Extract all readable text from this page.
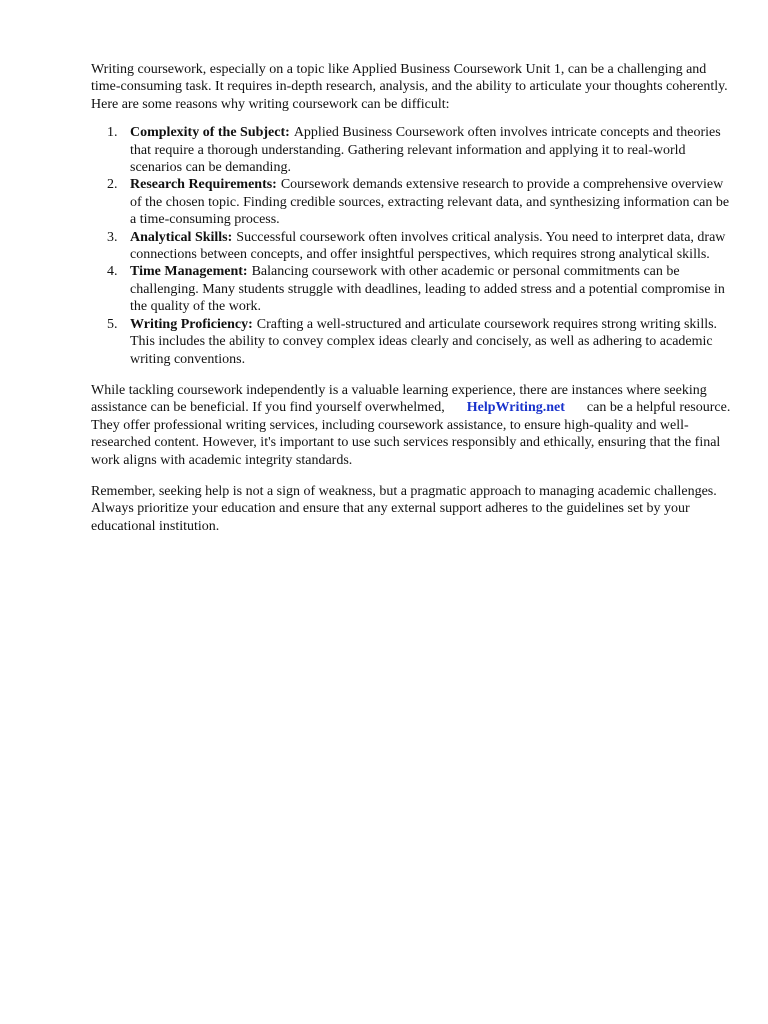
Writing coursework, especially on a topic like Applied Business Coursework Unit 1, can be a challenging and time-consuming task. It requires in-depth research, analysis, and the ability to articulate your thoughts coherently. Here are some reasons why writing coursework can be difficult:

1. Complexity of the Subject: Applied Business Coursework often involves intricate concepts and theories that require a thorough understanding. Gathering relevant information and applying it to real-world scenarios can be demanding.
2. Research Requirements: Coursework demands extensive research to provide a comprehensive overview of the chosen topic. Finding credible sources, extracting relevant data, and synthesizing information can be a time-consuming process.
3. Analytical Skills: Successful coursework often involves critical analysis. You need to interpret data, draw connections between concepts, and offer insightful perspectives, which requires strong analytical skills.
4. Time Management: Balancing coursework with other academic or personal commitments can be challenging. Many students struggle with deadlines, leading to added stress and a potential compromise in the quality of the work.
5. Writing Proficiency: Crafting a well-structured and articulate coursework requires strong writing skills. This includes the ability to convey complex ideas clearly and concisely, as well as adhering to academic writing conventions.

While tackling coursework independently is a valuable learning experience, there are instances where seeking assistance can be beneficial. If you find yourself overwhelmed, HelpWriting.net can be a helpful resource. They offer professional writing services, including coursework assistance, to ensure high-quality and well-researched content. However, it's important to use such services responsibly and ethically, ensuring that the final work aligns with academic integrity standards.

Remember, seeking help is not a sign of weakness, but a pragmatic approach to managing academic challenges. Always prioritize your education and ensure that any external support adheres to the guidelines set by your educational institution.
